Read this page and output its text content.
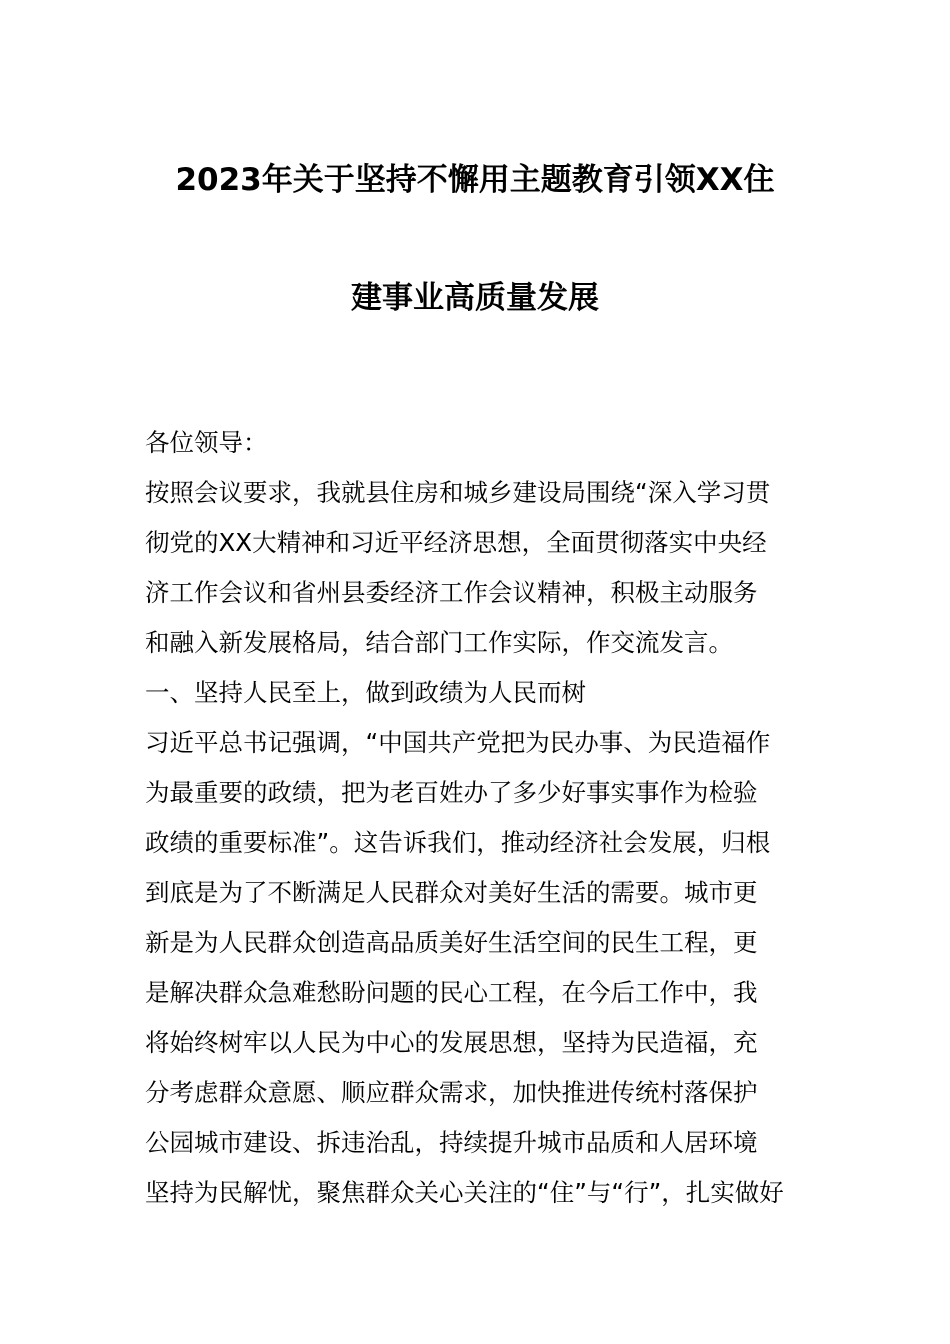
2023年关于坚持不懈用主题教育引领XX住
建事业高质量发展
各位领导：
按照会议要求，我就县住房和城乡建设局围绕“深入学习贯
彻党的XX大精神和习近平经济思想，全面贯彻落实中央经
济工作会议和省州县委经济工作会议精神，积极主动服务
和融入新发展格局，结合部门工作实际，作交流发言。
一、坚持人民至上，做到政绩为人民而树
习近平总书记强调，“中国共产党把为民办事、为民造福作
为最重要的政绩，把为老百姓办了多少好事实事作为检验
政绩的重要标准”。这告诉我们，推动经济社会发展，归根
到底是为了不断满足人民群众对美好生活的需要。城市更
新是为人民群众创造高品质美好生活空间的民生工程，更
是解决群众急难愁盼问题的民心工程，在今后工作中，我
将始终树牢以人民为中心的发展思想，坚持为民造福，充
分考虑群众意愿、顺应群众需求，加快推进传统村落保护
公园城市建设、拆违治乱，持续提升城市品质和人居环境
坚持为民解忧，聚焦群众关心关注的“住”与“行”，扎实做好
